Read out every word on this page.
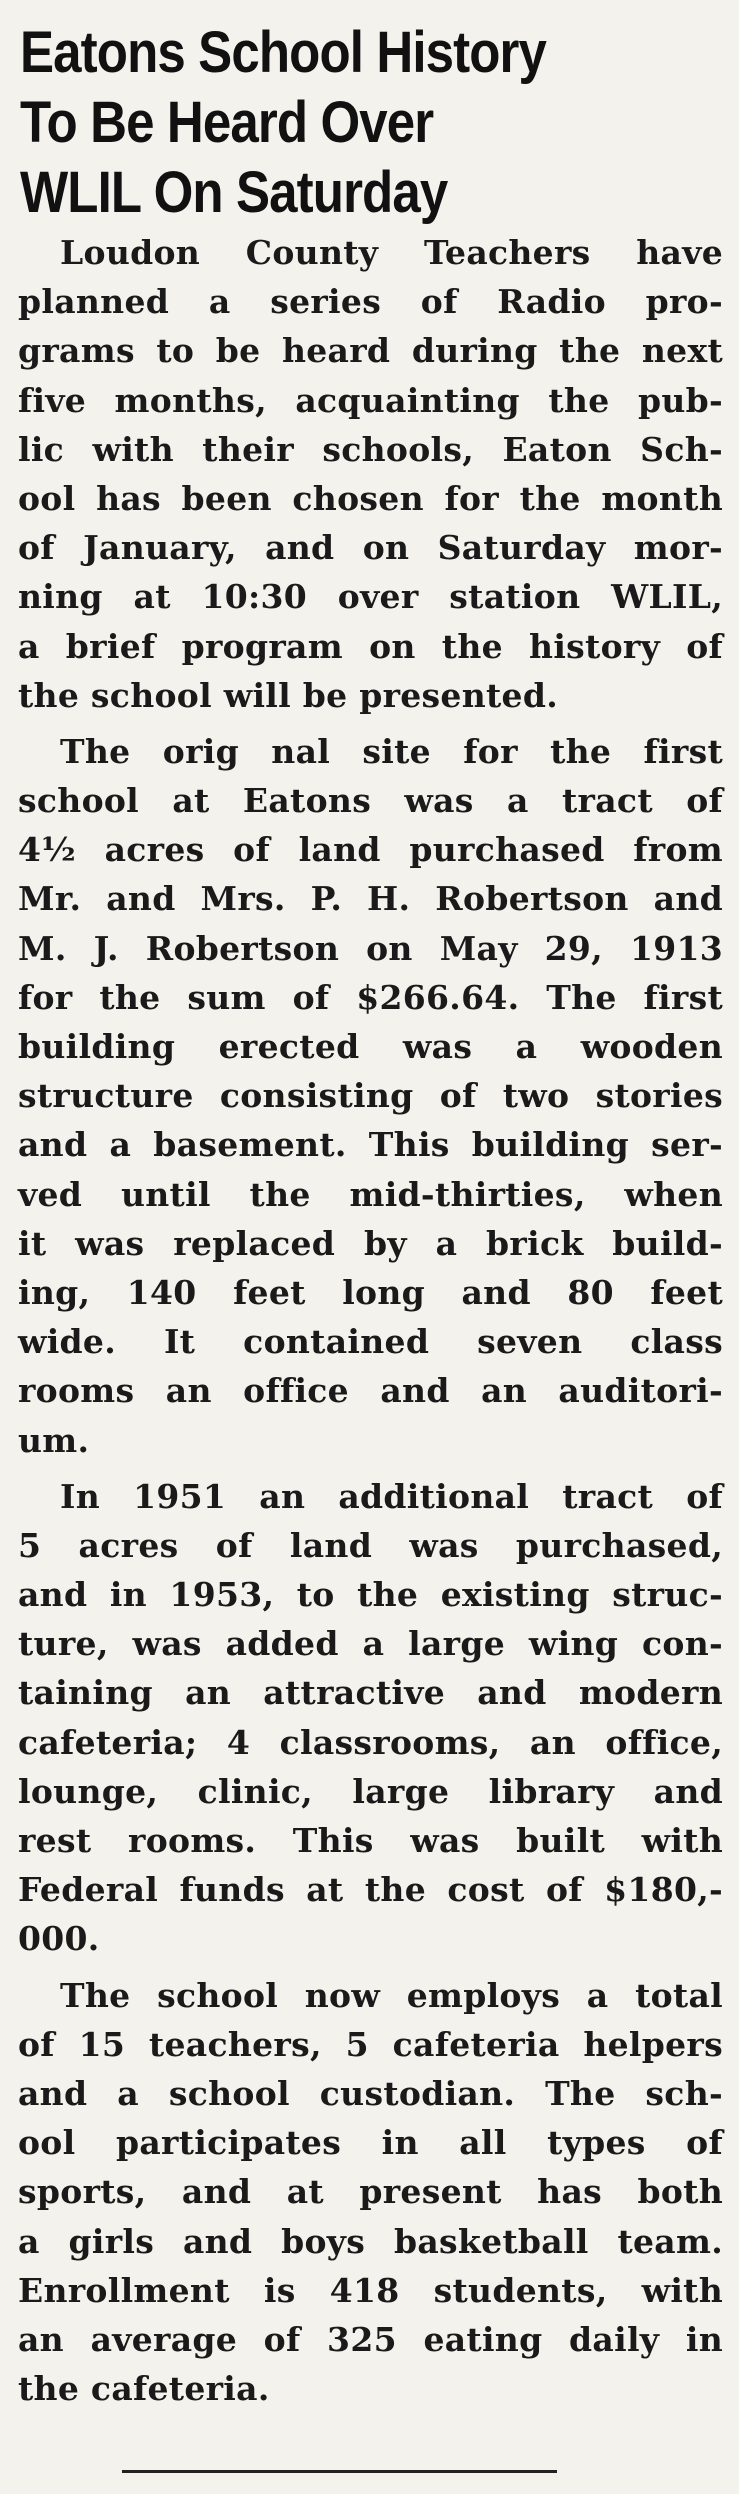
Eatons School History
To Be Heard Over
WLIL On Saturday
Loudon County Teachers have
planned a series of Radio pro-
grams to be heard during the next
five months, acquainting the pub-
lic with their schools, Eaton Sch-
ool has been chosen for the month
of January, and on Saturday mor-
ning at 10:30 over station WLIL,
a brief program on the history of
the school will be presented.
The orig nal site for the first
school at Eatons was a tract of
4½ acres of land purchased from
Mr. and Mrs. P. H. Robertson and
M. J. Robertson on May 29, 1913
for the sum of $266.64. The first
building erected was a wooden
structure consisting of two stories
and a basement. This building ser-
ved until the mid-thirties, when
it was replaced by a brick build-
ing, 140 feet long and 80 feet
wide. It contained seven class
rooms an office and an auditori-
um.
In 1951 an additional tract of
5 acres of land was purchased,
and in 1953, to the existing struc-
ture, was added a large wing con-
taining an attractive and modern
cafeteria; 4 classrooms, an office,
lounge, clinic, large library and
rest rooms. This was built with
Federal funds at the cost of $180,-
000.
The school now employs a total
of 15 teachers, 5 cafeteria helpers
and a school custodian. The sch-
ool participates in all types of
sports, and at present has both
a girls and boys basketball team.
Enrollment is 418 students, with
an average of 325 eating daily in
the cafeteria.
